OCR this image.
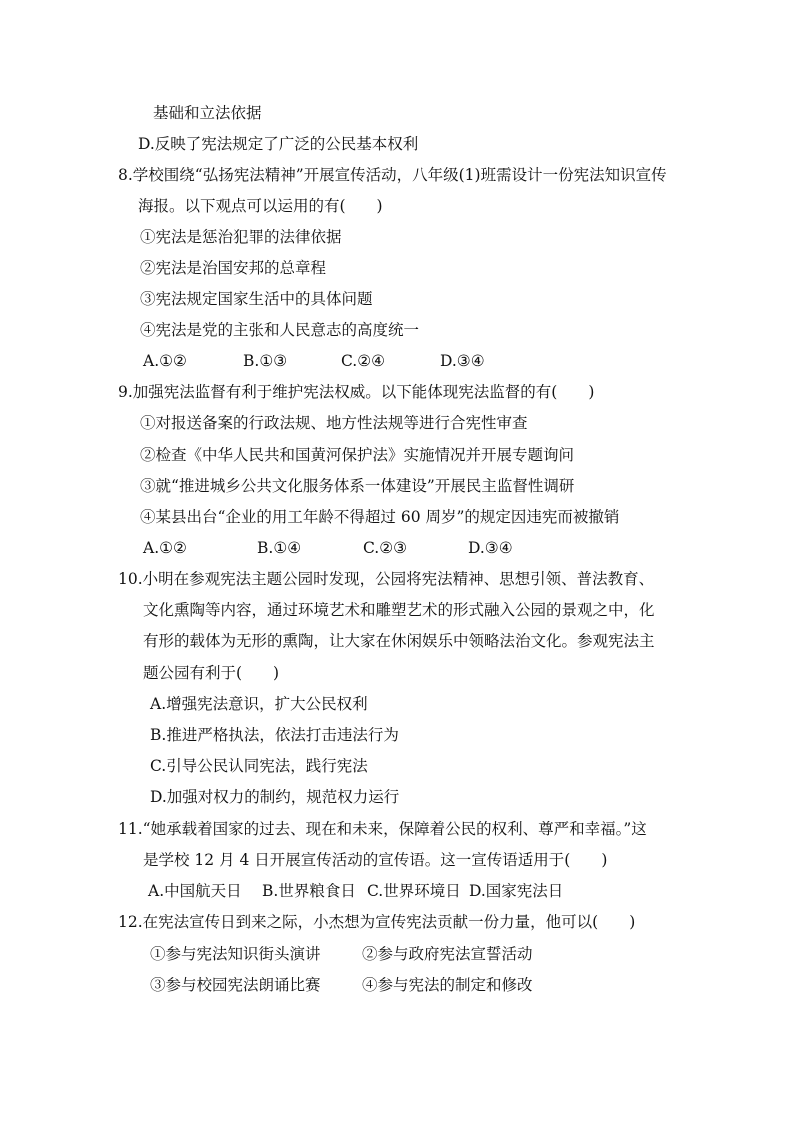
基础和立法依据
D.反映了宪法规定了广泛的公民基本权利
8.学校围绕“弘扬宪法精神”开展宣传活动，八年级(1)班需设计一份宪法知识宣传
海报。以下观点可以运用的有(　　)
①宪法是惩治犯罪的法律依据
②宪法是治国安邦的总章程
③宪法规定国家生活中的具体问题
④宪法是党的主张和人民意志的高度统一
A.①②	B.①③	C.②④	D.③④
9.加强宪法监督有利于维护宪法权威。以下能体现宪法监督的有(　　)
①对报送备案的行政法规、地方性法规等进行合宪性审查
②检查《中华人民共和国黄河保护法》实施情况并开展专题询问
③就“推进城乡公共文化服务体系一体建设”开展民主监督性调研
④某县出台“企业的用工年龄不得超过 60 周岁”的规定因违宪而被撤销
A.①②	B.①④	C.②③	D.③④
10.小明在参观宪法主题公园时发现，公园将宪法精神、思想引领、普法教育、
文化熏陶等内容，通过环境艺术和雕塑艺术的形式融入公园的景观之中，化
有形的载体为无形的熏陶，让大家在休闲娱乐中领略法治文化。参观宪法主
题公园有利于(　　)
A.增强宪法意识，扩大公民权利
B.推进严格执法，依法打击违法行为
C.引导公民认同宪法，践行宪法
D.加强对权力的制约，规范权力运行
11.“她承载着国家的过去、现在和未来，保障着公民的权利、尊严和幸福。”这
是学校 12 月 4 日开展宣传活动的宣传语。这一宣传语适用于(　　)
A.中国航天日 B.世界粮食日 C.世界环境日 D.国家宪法日
12.在宪法宣传日到来之际，小杰想为宣传宪法贡献一份力量，他可以(　　)
①参与宪法知识街头演讲	②参与政府宪法宣誓活动
③参与校园宪法朗诵比赛	④参与宪法的制定和修改
